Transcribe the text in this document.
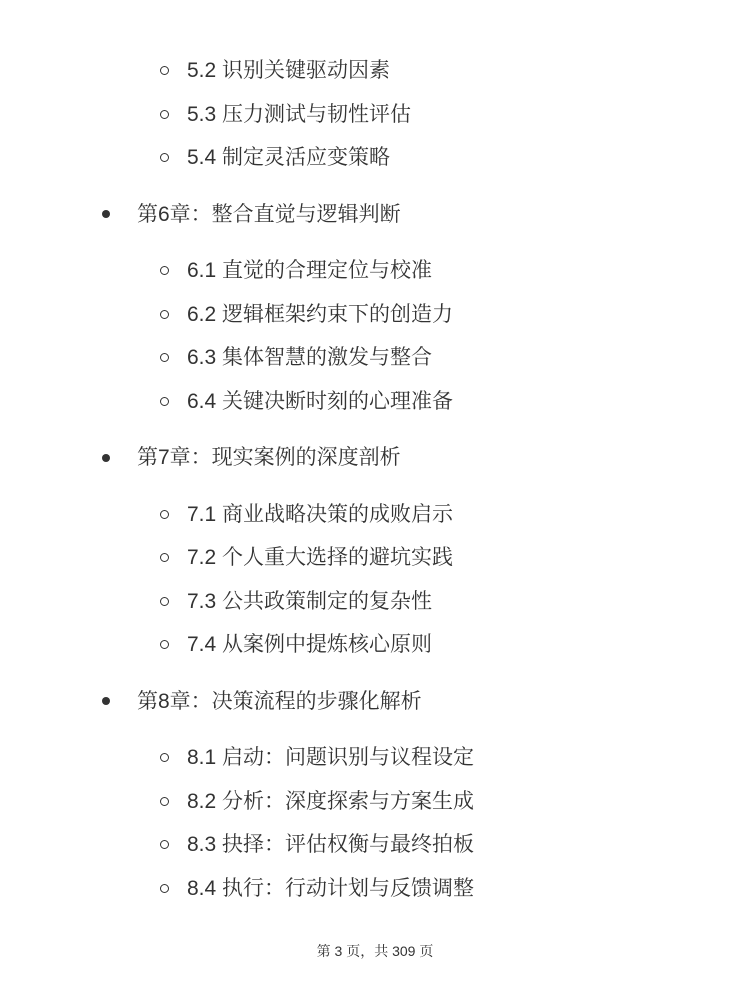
5.2 识别关键驱动因素
5.3 压力测试与韧性评估
5.4 制定灵活应变策略
第6章：整合直觉与逻辑判断
6.1 直觉的合理定位与校准
6.2 逻辑框架约束下的创造力
6.3 集体智慧的激发与整合
6.4 关键决断时刻的心理准备
第7章：现实案例的深度剖析
7.1 商业战略决策的成败启示
7.2 个人重大选择的避坑实践
7.3 公共政策制定的复杂性
7.4 从案例中提炼核心原则
第8章：决策流程的步骤化解析
8.1 启动：问题识别与议程设定
8.2 分析：深度探索与方案生成
8.3 抉择：评估权衡与最终拍板
8.4 执行：行动计划与反馈调整
第 3 页，共 309 页
